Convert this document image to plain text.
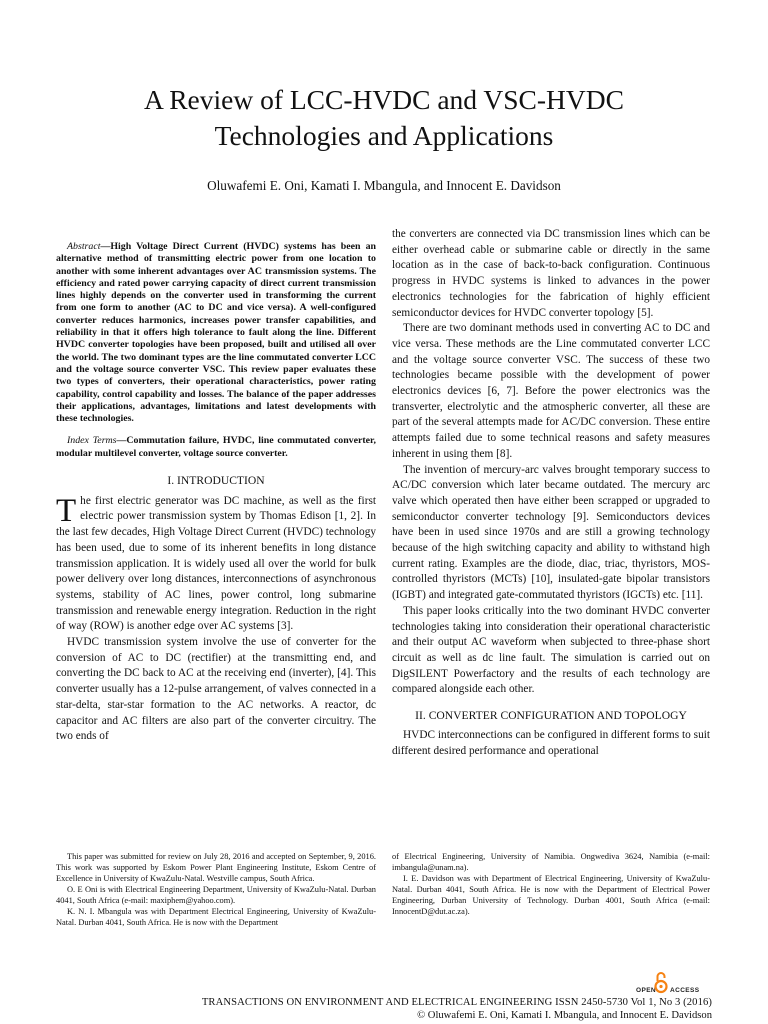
A Review of LCC-HVDC and VSC-HVDC
Technologies and Applications
Oluwafemi E. Oni, Kamati I. Mbangula, and Innocent E. Davidson
Abstract—High Voltage Direct Current (HVDC) systems has been an alternative method of transmitting electric power from one location to another with some inherent advantages over AC transmission systems. The efficiency and rated power carrying capacity of direct current transmission lines highly depends on the converter used in transforming the current from one form to another (AC to DC and vice versa). A well-configured converter reduces harmonics, increases power transfer capabilities, and reliability in that it offers high tolerance to fault along the line. Different HVDC converter topologies have been proposed, built and utilised all over the world. The two dominant types are the line commutated converter LCC and the voltage source converter VSC. This review paper evaluates these two types of converters, their operational characteristics, power rating capability, control capability and losses. The balance of the paper addresses their applications, advantages, limitations and latest developments with these technologies.
Index Terms—Commutation failure, HVDC, line commutated converter, modular multilevel converter, voltage source converter.
I. INTRODUCTION

The first electric generator was DC machine, as well as the first electric power transmission system by Thomas Edison [1, 2]. In the last few decades, High Voltage Direct Current (HVDC) technology has been used, due to some of its inherent benefits in long distance transmission application. It is widely used all over the world for bulk power delivery over long distances, interconnections of asynchronous systems, stability of AC lines, power control, long submarine transmission and renewable energy integration. Reduction in the right of way (ROW) is another edge over AC systems [3].

HVDC transmission system involve the use of converter for the conversion of AC to DC (rectifier) at the transmitting end, and converting the DC back to AC at the receiving end (inverter), [4]. This converter usually has a 12-pulse arrangement, of valves connected in a star-delta, star-star formation to the AC networks. A reactor, dc capacitor and AC filters are also part of the converter circuitry. The two ends of

the converters are connected via DC transmission lines which can be either overhead cable or submarine cable or directly in the same location as in the case of back-to-back configuration. Continuous progress in HVDC systems is linked to advances in the power electronics technologies for the fabrication of highly efficient semiconductor devices for HVDC converter topology [5].

There are two dominant methods used in converting AC to DC and vice versa. These methods are the Line commutated converter LCC and the voltage source converter VSC. The success of these two technologies became possible with the development of power electronics devices [6, 7]. Before the power electronics was the transverter, electrolytic and the atmospheric converter, all these are part of the several attempts made for AC/DC conversion. These entire attempts failed due to some technical reasons and safety measures inherent in using them [8].

The invention of mercury-arc valves brought temporary success to AC/DC conversion which later became outdated. The mercury arc valve which operated then have either been scrapped or upgraded to semiconductor converter technology [9]. Semiconductors devices have been in used since 1970s and are still a growing technology because of the high switching capacity and ability to withstand high current rating. Examples are the diode, diac, triac, thyristors, MOS-controlled thyristors (MCTs) [10], insulated-gate bipolar transistors (IGBT) and integrated gate-commutated thyristors (IGCTs) etc. [11].

This paper looks critically into the two dominant HVDC converter technologies taking into consideration their operational characteristic and their output AC waveform when subjected to three-phase short circuit as well as dc line fault. The simulation is carried out on DigSILENT Powerfactory and the results of each technology are compared alongside each other.

II. CONVERTER CONFIGURATION AND TOPOLOGY

HVDC interconnections can be configured in different forms to suit different desired performance and operational

This paper was submitted for review on July 28, 2016 and accepted on September, 9, 2016. This work was supported by Eskom Power Plant Engineering Institute, Eskom Centre of Excellence in University of KwaZulu-Natal. Westville campus, South Africa.

O. E Oni is with Electrical Engineering Department, University of KwaZulu-Natal. Durban 4041, South Africa (e-mail: maxiphem@yahoo.com).

K. N. I. Mbangula was with Department Electrical Engineering, University of KwaZulu-Natal. Durban 4041, South Africa. He is now with the Department

of Electrical Engineering, University of Namibia. Ongwediva 3624, Namibia (e-mail: imbangula@unam.na).

I. E. Davidson was with Department of Electrical Engineering, University of KwaZulu-Natal. Durban 4041, South Africa. He is now with the Department of Electrical Power Engineering, Durban University of Technology. Durban 4001, South Africa (e-mail: InnocentD@dut.ac.za).

OPEN ACCESS
TRANSACTIONS ON ENVIRONMENT AND ELECTRICAL ENGINEERING ISSN 2450-5730 Vol 1, No 3 (2016)
© Oluwafemi E. Oni, Kamati I. Mbangula, and Innocent E. Davidson
